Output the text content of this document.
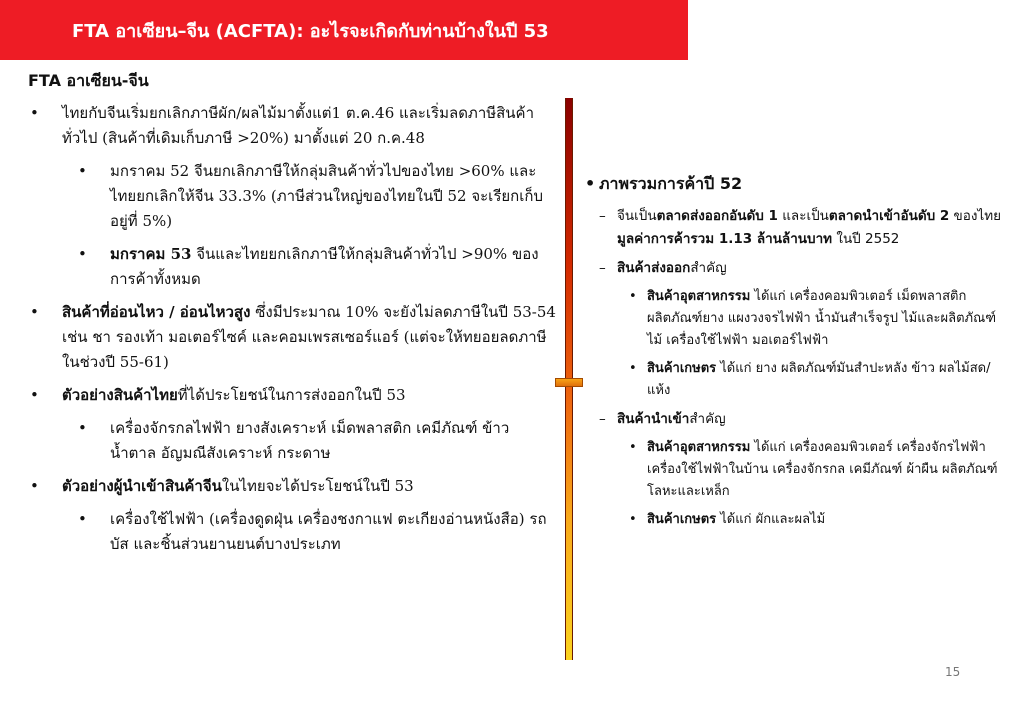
FTA อาเซียน–จีน (ACFTA): อะไรจะเกิดกับท่านบ้างในปี 53
FTA อาเซียน-จีน
• ไทยกับจีนเริ่มยกเลิกภาษีผัก/ผลไม้มาตั้งแต่1 ต.ค.46 และเริ่มลดภาษีสินค้าทั่วไป (สินค้าที่เดิมเก็บภาษี >20%) มาตั้งแต่ 20 ก.ค.48
• มกราคม 52 จีนยกเลิกภาษีให้กลุ่มสินค้าทั่วไปของไทย >60% และไทยยกเลิกให้จีน 33.3% (ภาษีส่วนใหญ่ของไทยในปี 52 จะเรียกเก็บอยู่ที่ 5%)
• มกราคม 53 จีนและไทยยกเลิกภาษีให้กลุ่มสินค้าทั่วไป >90% ของการค้าทั้งหมด
• สินค้าที่อ่อนไหว / อ่อนไหวสูง ซึ่งมีประมาณ 10% จะยังไม่ลดภาษีในปี 53-54 เช่น ชา รองเท้า มอเตอร์ไซค์ และคอมเพรสเซอร์แอร์ (แต่จะให้ทยอยลดภาษีในช่วงปี 55-61)
• ตัวอย่างสินค้าไทยที่ได้ประโยชน์ในการส่งออกในปี 53
• เครื่องจักรกลไฟฟ้า ยางสังเคราะห์ เม็ดพลาสติก เคมีภัณฑ์ ข้าว น้ำตาล อัญมณีสังเคราะห์ กระดาษ
• ตัวอย่างผู้นำเข้าสินค้าจีนในไทยจะได้ประโยชน์ในปี 53
• เครื่องใช้ไฟฟ้า (เครื่องดูดฝุ่น เครื่องชงกาแฟ ตะเกียงอ่านหนังสือ) รถบัส และชิ้นส่วนยานยนต์บางประเภท
• ภาพรวมการค้าปี 52
– จีนเป็นตลาดส่งออกอันดับ 1 และเป็นตลาดนำเข้าอันดับ 2 ของไทย มูลค่าการค้ารวม 1.13 ล้านล้านบาท ในปี 2552
– สินค้าส่งออกสำคัญ
• สินค้าอุตสาหกรรม ได้แก่ เครื่องคอมพิวเตอร์ เม็ดพลาสติก ผลิตภัณฑ์ยาง แผงวงจรไฟฟ้า น้ำมันสำเร็จรูป ไม้และผลิตภัณฑ์ไม้ เครื่องใช้ไฟฟ้า มอเตอร์ไฟฟ้า
• สินค้าเกษตร ได้แก่ ยาง ผลิตภัณฑ์มันสำปะหลัง ข้าว ผลไม้สด/แห้ง
– สินค้านำเข้าสำคัญ
• สินค้าอุตสาหกรรม ได้แก่ เครื่องคอมพิวเตอร์ เครื่องจักรไฟฟ้า เครื่องใช้ไฟฟ้าในบ้าน เครื่องจักรกล เคมีภัณฑ์ ผ้าผืน ผลิตภัณฑ์โลหะและเหล็ก
• สินค้าเกษตร ได้แก่ ผักและผลไม้
15
